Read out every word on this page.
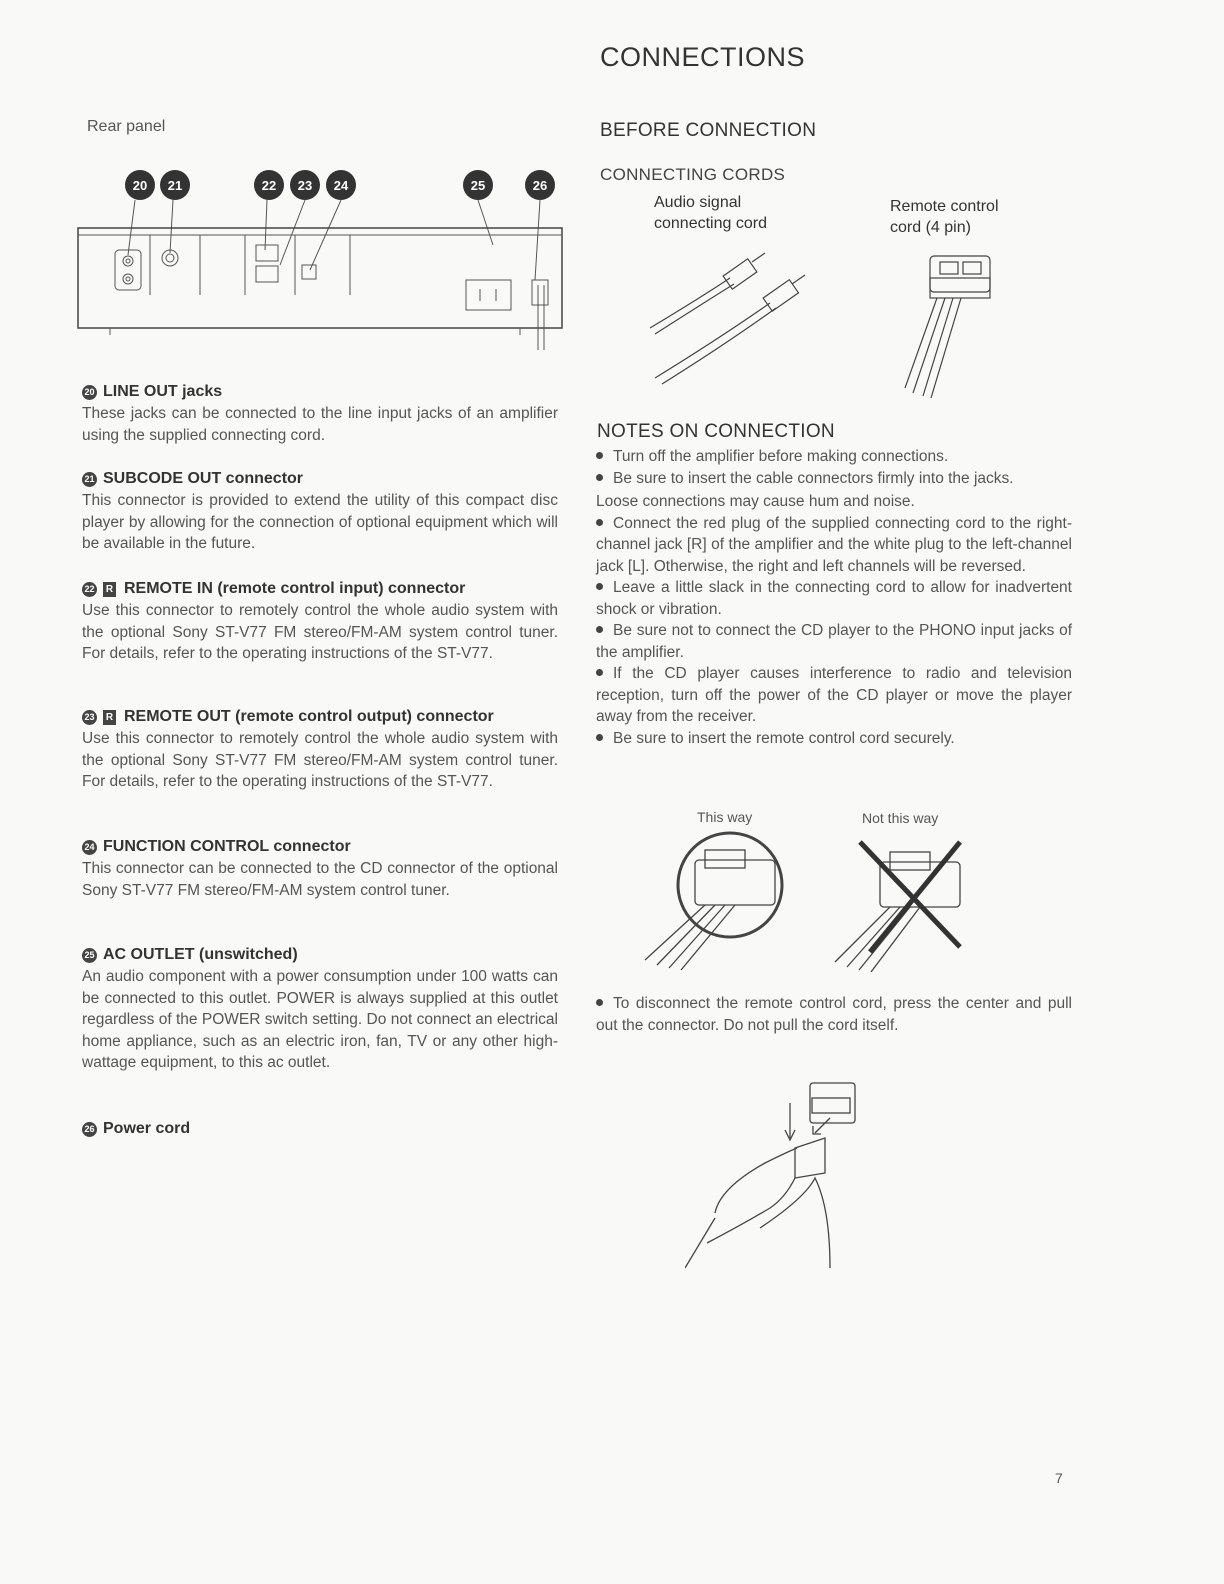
CONNECTIONS
Rear panel
20 21	22 23 24	25	26
BEFORE CONNECTION
CONNECTING CORDS
Audio signal
connecting cord
Remote control
cord (4 pin)
NOTES ON CONNECTION

Turn off the amplifier before making connections.

Be sure to insert the cable connectors firmly into the jacks.

Loose connections may cause hum and noise.

Connect the red plug of the supplied connecting cord to the right-channel jack [R] of the amplifier and the white plug to the left-channel jack [L]. Otherwise, the right and left channels will be reversed.

Leave a little slack in the connecting cord to allow for inadvertent shock or vibration.

Be sure not to connect the CD player to the PHONO input jacks of the amplifier.

If the CD player causes interference to radio and television reception, turn off the power of the CD player or move the player away from the receiver.

Be sure to insert the remote control cord securely.

This way	Not this way

To disconnect the remote control cord, press the center and pull out the connector. Do not pull the cord itself.

20 LINE OUT jacks
These jacks can be connected to the line input jacks of an amplifier using the supplied connecting cord.
21 SUBCODE OUT connector
This connector is provided to extend the utility of this compact disc player by allowing for the connection of optional equipment which will be available in the future.
22 R REMOTE IN (remote control input) connector
Use this connector to remotely control the whole audio system with the optional Sony ST-V77 FM stereo/FM-AM system control tuner. For details, refer to the operating instructions of the ST-V77.
23 R REMOTE OUT (remote control output) connector
Use this connector to remotely control the whole audio system with the optional Sony ST-V77 FM stereo/FM-AM system control tuner. For details, refer to the operating instructions of the ST-V77.
24 FUNCTION CONTROL connector
This connector can be connected to the CD connector of the optional Sony ST-V77 FM stereo/FM-AM system control tuner.
25 AC OUTLET (unswitched)
An audio component with a power consumption under 100 watts can be connected to this outlet. POWER is always supplied at this outlet regardless of the POWER switch setting. Do not connect an electrical home appliance, such as an electric iron, fan, TV or any other high-wattage equipment, to this ac outlet.
26 Power cord
7
